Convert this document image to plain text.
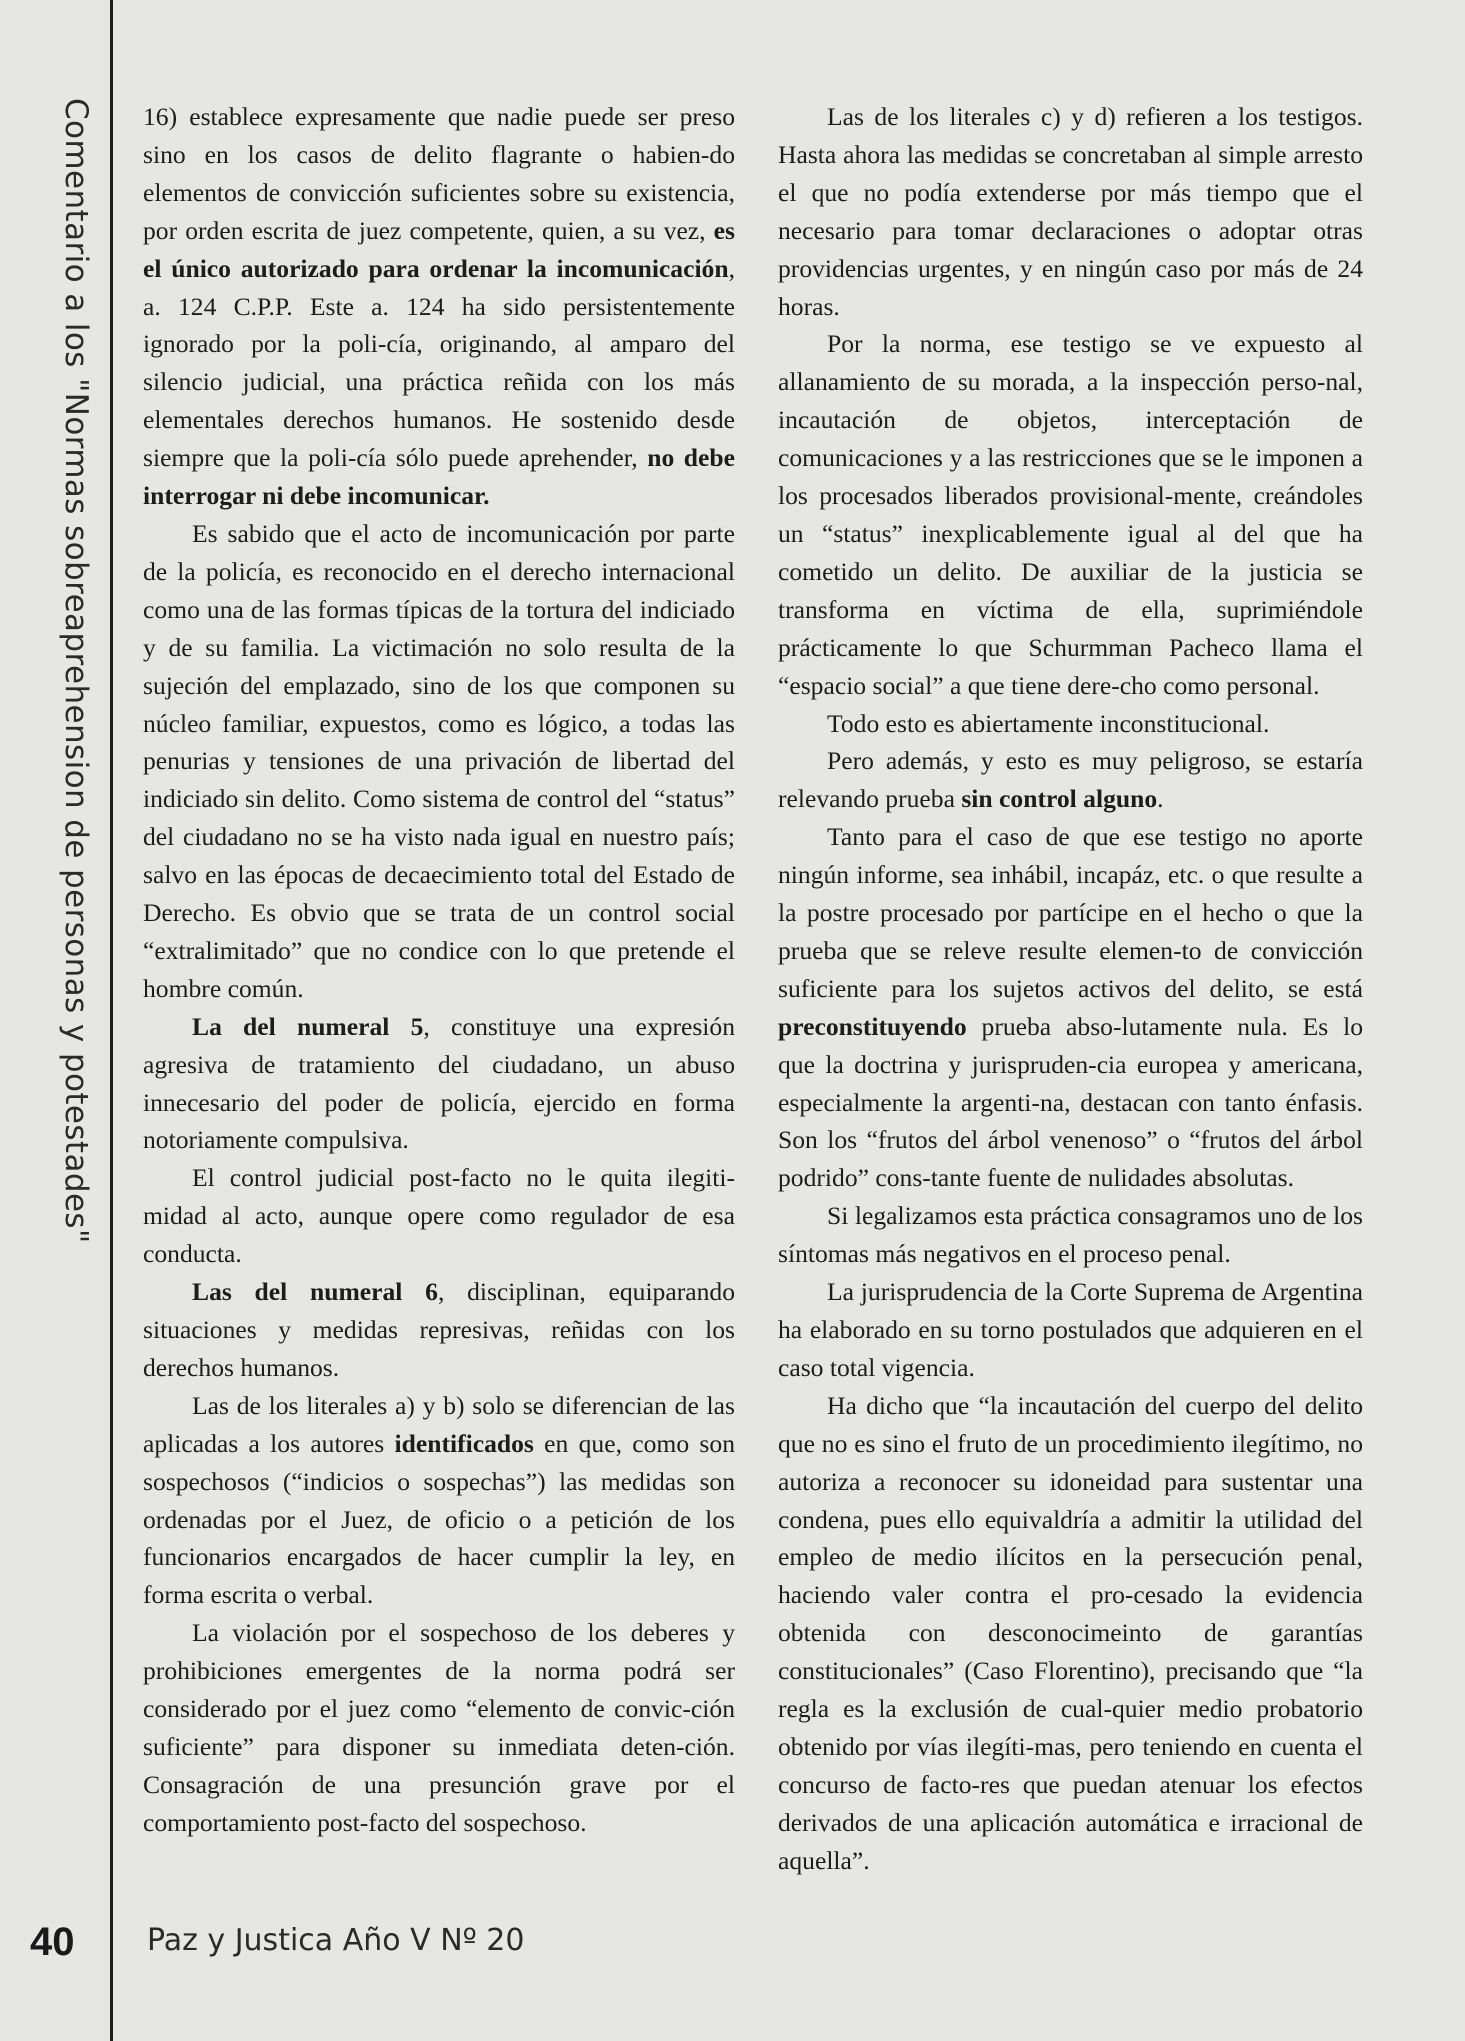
Comentario a los "Normas sobreaprehension de personas y potestades" 16) establece expresamente que nadie puede ser preso sino en los casos de delito flagrante o habien-do elementos de convicción suficientes sobre su existencia, por orden escrita de juez competente, quien, a su vez, es el único autorizado para ordenar la incomunicación, a. 124 C.P.P. Este a. 124 ha sido persistentemente ignorado por la poli-cía, originando, al amparo del silencio judicial, una práctica reñida con los más elementales derechos humanos. He sostenido desde siempre que la poli-cía sólo puede aprehender, no debe interrogar ni debe incomunicar.

Es sabido que el acto de incomunicación por parte de la policía, es reconocido en el derecho internacional como una de las formas típicas de la tortura del indiciado y de su familia. La victimación no solo resulta de la sujeción del emplazado, sino de los que componen su núcleo familiar, expuestos, como es lógico, a todas las penurias y tensiones de una privación de libertad del indiciado sin delito. Como sistema de control del “status” del ciudadano no se ha visto nada igual en nuestro país; salvo en las épocas de decaecimiento total del Estado de Derecho. Es obvio que se trata de un control social “extralimitado” que no condice con lo que pretende el hombre común.

La del numeral 5, constituye una expresión agresiva de tratamiento del ciudadano, un abuso innecesario del poder de policía, ejercido en forma notoriamente compulsiva.

El control judicial post-facto no le quita ilegiti-midad al acto, aunque opere como regulador de esa conducta.

Las del numeral 6, disciplinan, equiparando situaciones y medidas represivas, reñidas con los derechos humanos.

Las de los literales a) y b) solo se diferencian de las aplicadas a los autores identificados en que, como son sospechosos (“indicios o sospechas”) las medidas son ordenadas por el Juez, de oficio o a petición de los funcionarios encargados de hacer cumplir la ley, en forma escrita o verbal.

La violación por el sospechoso de los deberes y prohibiciones emergentes de la norma podrá ser considerado por el juez como “elemento de convic-ción suficiente” para disponer su inmediata deten-ción. Consagración de una presunción grave por el comportamiento post-facto del sospechoso.

Las de los literales c) y d) refieren a los testigos. Hasta ahora las medidas se concretaban al simple arresto el que no podía extenderse por más tiempo que el necesario para tomar declaraciones o adoptar otras providencias urgentes, y en ningún caso por más de 24 horas.

Por la norma, ese testigo se ve expuesto al allanamiento de su morada, a la inspección perso-nal, incautación de objetos, interceptación de comunicaciones y a las restricciones que se le imponen a los procesados liberados provisional-mente, creándoles un “status” inexplicablemente igual al del que ha cometido un delito. De auxiliar de la justicia se transforma en víctima de ella, suprimiéndole prácticamente lo que Schurmman Pacheco llama el “espacio social” a que tiene dere-cho como personal.

Todo esto es abiertamente inconstitucional.

Pero además, y esto es muy peligroso, se estaría relevando prueba sin control alguno.

Tanto para el caso de que ese testigo no aporte ningún informe, sea inhábil, incapáz, etc. o que resulte a la postre procesado por partícipe en el hecho o que la prueba que se releve resulte elemen-to de convicción suficiente para los sujetos activos del delito, se está preconstituyendo prueba abso-lutamente nula. Es lo que la doctrina y jurispruden-cia europea y americana, especialmente la argenti-na, destacan con tanto énfasis. Son los “frutos del árbol venenoso” o “frutos del árbol podrido” cons-tante fuente de nulidades absolutas.

Si legalizamos esta práctica consagramos uno de los síntomas más negativos en el proceso penal.

La jurisprudencia de la Corte Suprema de Argentina ha elaborado en su torno postulados que adquieren en el caso total vigencia.

Ha dicho que “la incautación del cuerpo del delito que no es sino el fruto de un procedimiento ilegítimo, no autoriza a reconocer su idoneidad para sustentar una condena, pues ello equivaldría a admitir la utilidad del empleo de medio ilícitos en la persecución penal, haciendo valer contra el pro-cesado la evidencia obtenida con desconocimeinto de garantías constitucionales” (Caso Florentino), precisando que “la regla es la exclusión de cual-quier medio probatorio obtenido por vías ilegíti-mas, pero teniendo en cuenta el concurso de facto-res que puedan atenuar los efectos derivados de una aplicación automática e irracional de aquella”.

40 Paz y Justica Año V Nº 20
